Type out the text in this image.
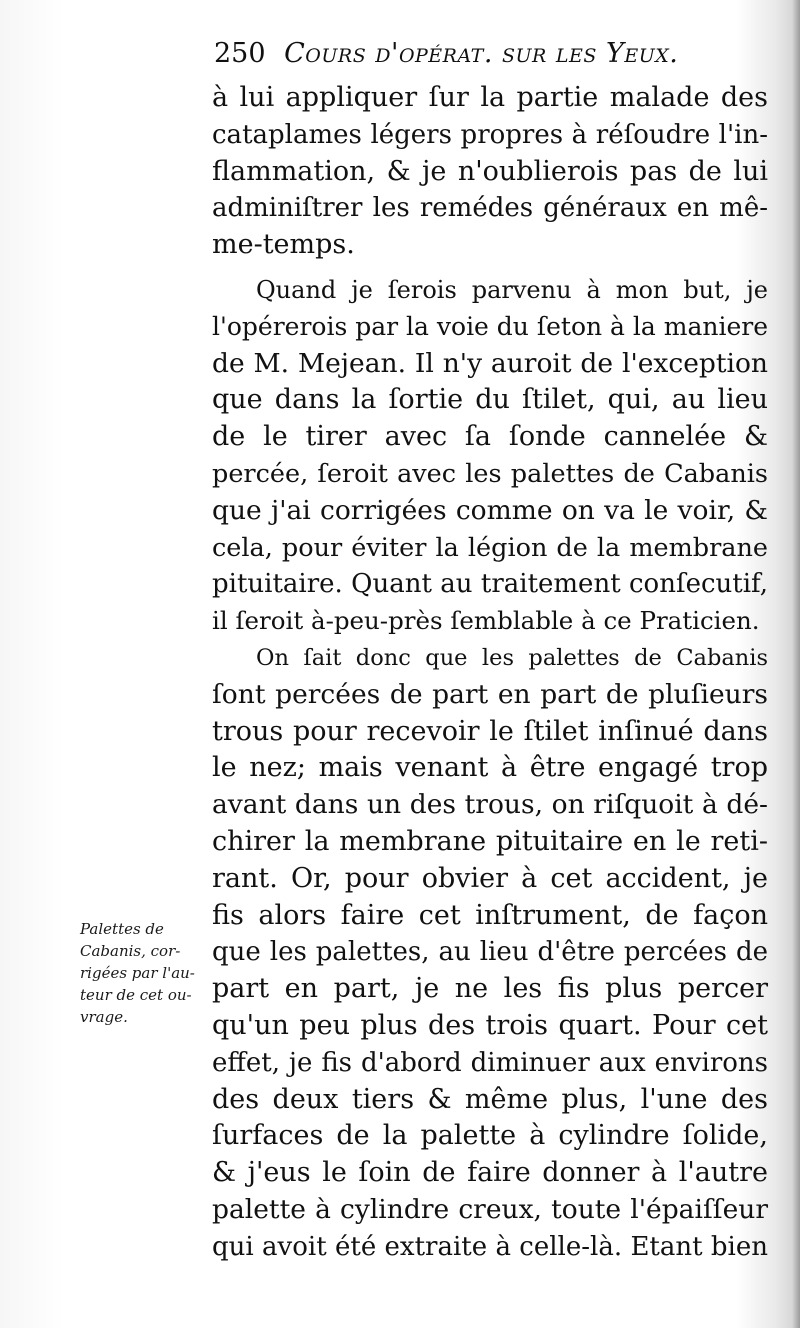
250 Cours d'opérat. sur les Yeux.
à lui appliquer ſur la partie malade des
cataplames légers propres à réſoudre l'in-
flammation, & je n'oublierois pas de lui
adminiſtrer les remédes généraux en mê-
me-temps.
Quand je ſerois parvenu à mon but, je
l'opérerois par la voie du ſeton à la maniere
de M. Mejean. Il n'y auroit de l'exception
que dans la ſortie du ſtilet, qui, au lieu
de le tirer avec ſa ſonde cannelée &
percée, ſeroit avec les palettes de Cabanis
que j'ai corrigées comme on va le voir, &
cela, pour éviter la légion de la membrane
pituitaire. Quant au traitement conſecutif,
il ſeroit à-peu-près ſemblable à ce Praticien.
On ſait donc que les palettes de Cabanis
ſont percées de part en part de pluſieurs
trous pour recevoir le ſtilet inſinué dans
le nez; mais venant à être engagé trop
avant dans un des trous, on riſquoit à dé-
chirer la membrane pituitaire en le reti-
rant. Or, pour obvier à cet accident, je
fis alors faire cet inſtrument, de façon
que les palettes, au lieu d'être percées de
part en part, je ne les fis plus percer
qu'un peu plus des trois quart. Pour cet
effet, je fis d'abord diminuer aux environs
des deux tiers & même plus, l'une des
ſurfaces de la palette à cylindre ſolide,
& j'eus le ſoin de faire donner à l'autre
palette à cylindre creux, toute l'épaiſſeur
qui avoit été extraite à celle-là. Etant bien
Palettes de
Cabanis, cor-
rigées par l'au-
teur de cet ou-
vrage.
